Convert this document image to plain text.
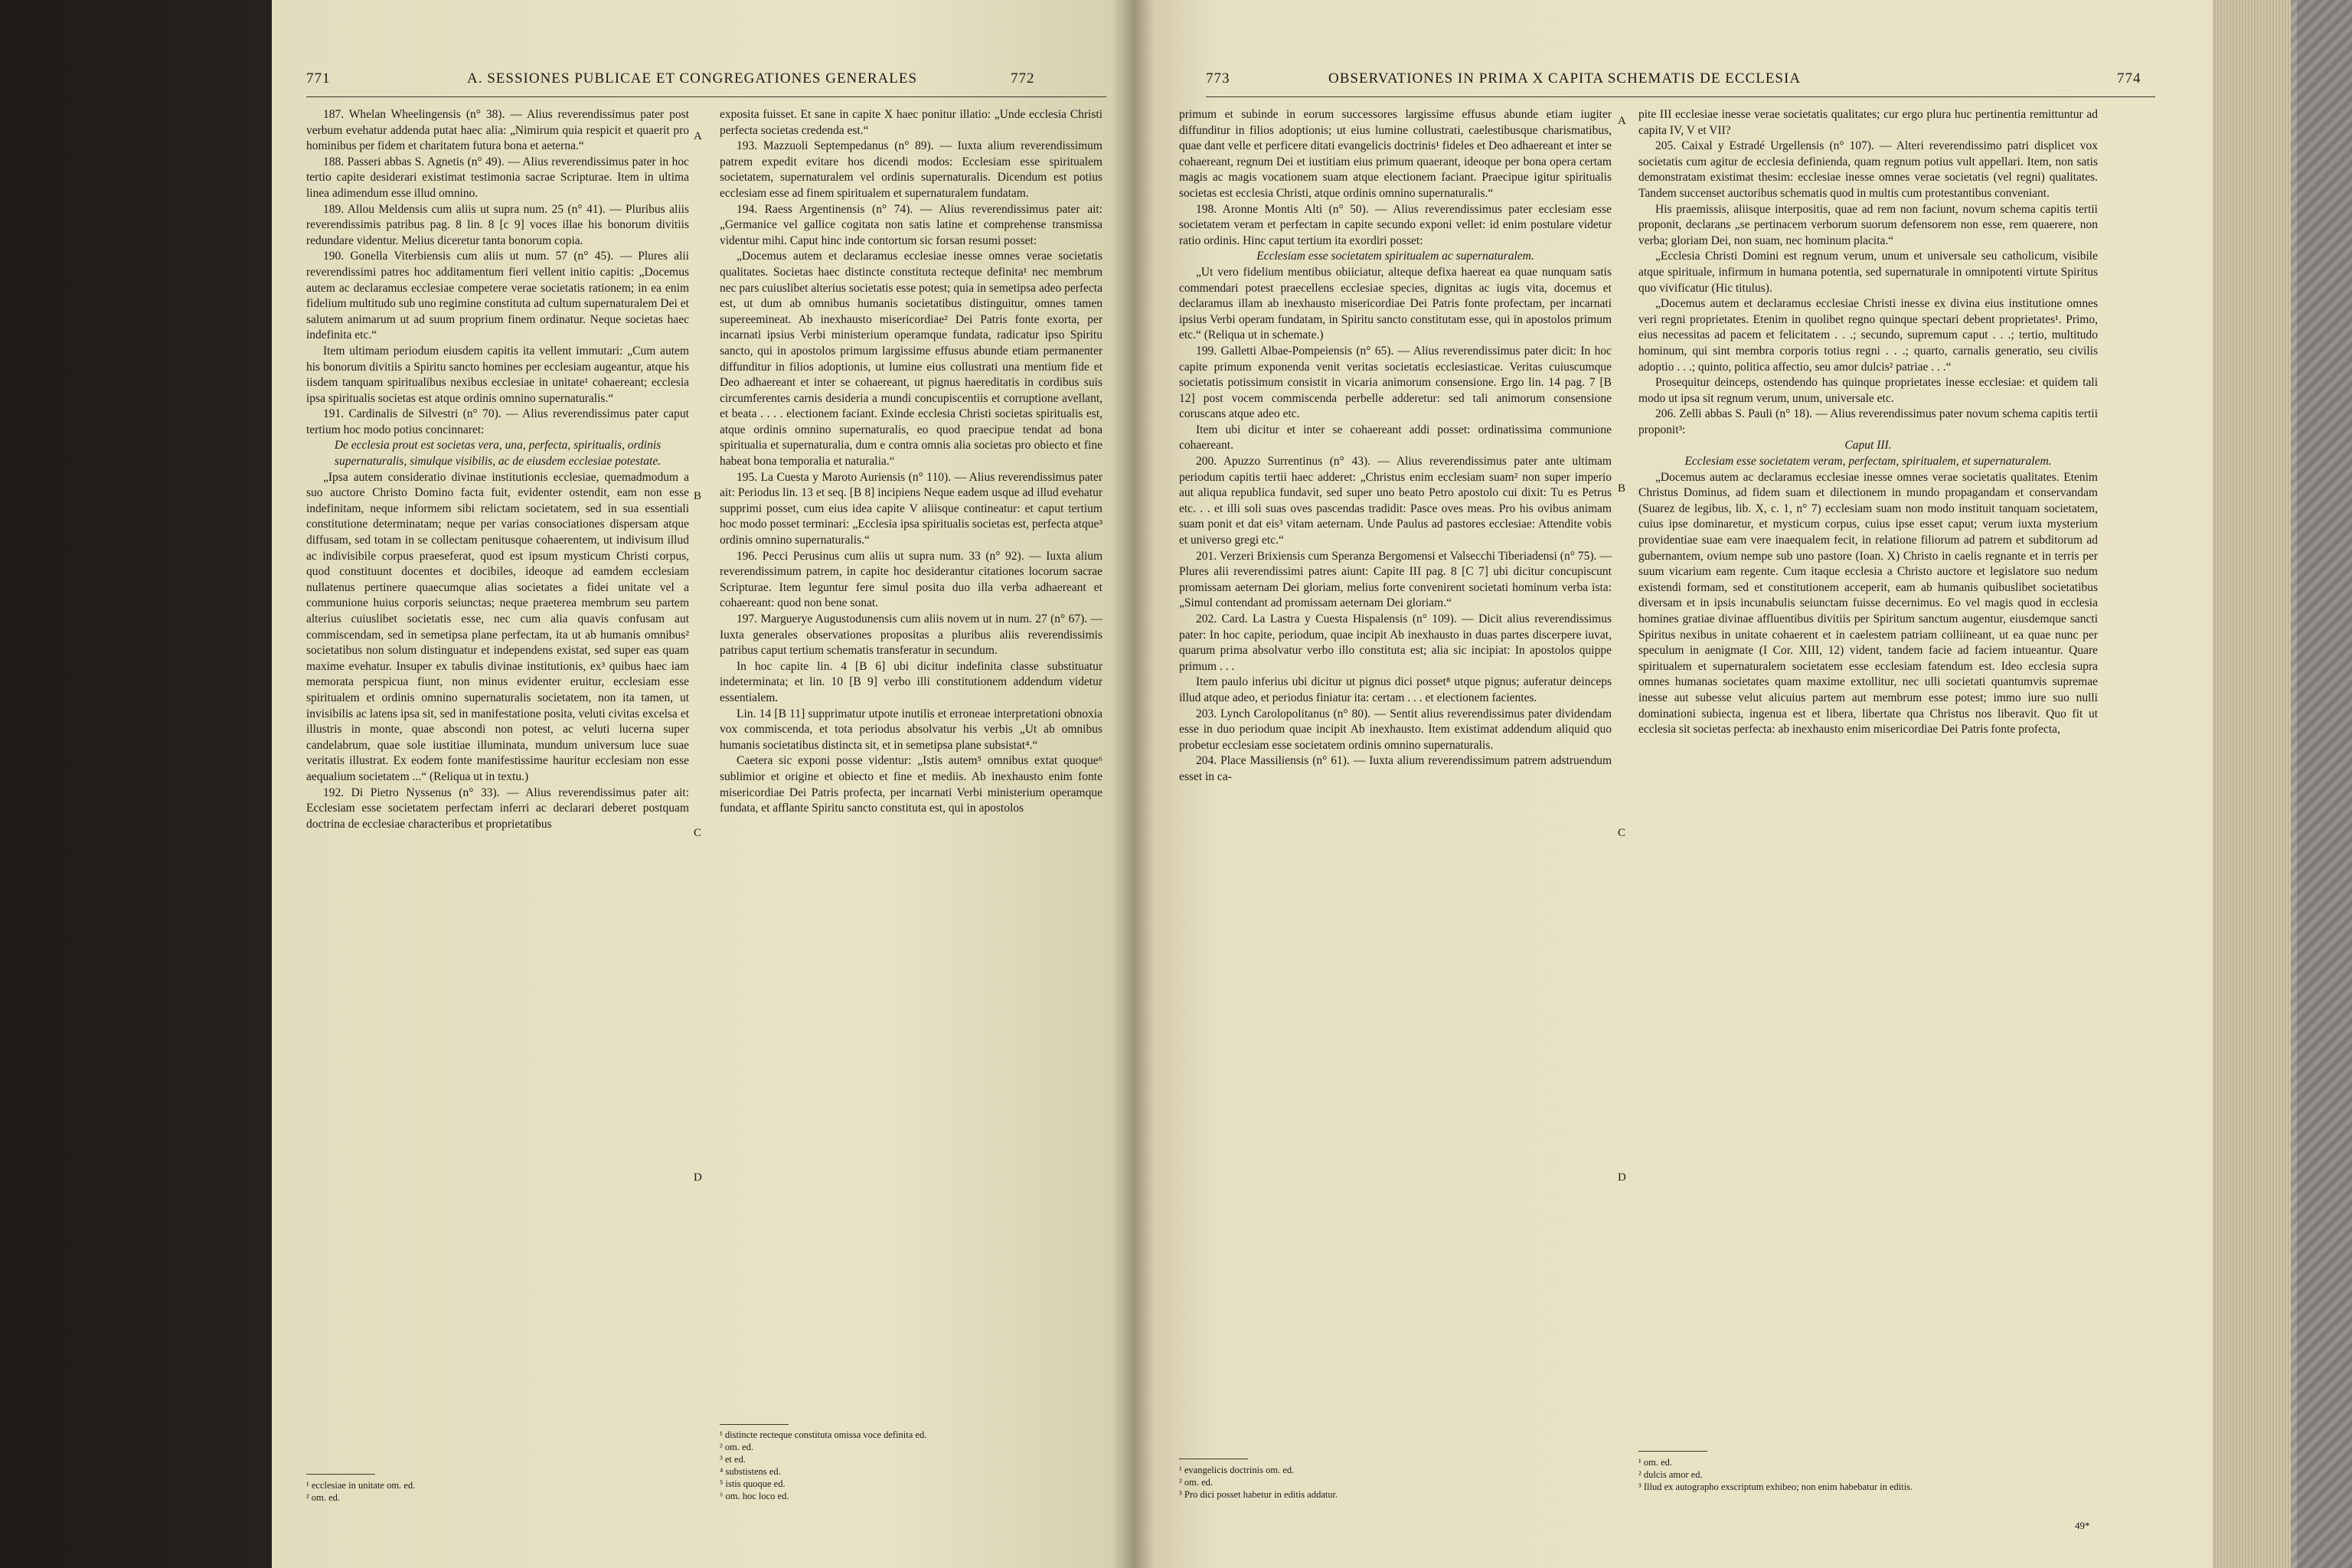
771	A. SESSIONES PUBLICAE ET CONGREGATIONES GENERALES	772

187. Whelan Wheelingensis (n° 38). — Alius reverendissimus pater post verbum evehatur addenda putat haec alia: „Nimirum quia respicit et quaerit pro hominibus per fidem et charitatem futura bona et aeterna.“

188. Passeri abbas S. Agnetis (n° 49). — Alius reverendissimus pater in hoc tertio capite desiderari existimat testimonia sacrae Scripturae. Item in ultima linea adimendum esse illud omnino.

189. Allou Meldensis cum aliis ut supra num. 25 (n° 41). — Pluribus aliis reverendissimis patribus pag. 8 lin. 8 [c 9] voces illae his bonorum divitiis redundare videntur. Melius diceretur tanta bonorum copia.

190. Gonella Viterbiensis cum aliis ut num. 57 (n° 45). — Plures alii reverendissimi patres hoc additamentum fieri vellent initio capitis: „Docemus autem ac declaramus ecclesiae competere verae societatis rationem; in ea enim fidelium multitudo sub uno regimine constituta ad cultum supernaturalem Dei et salutem animarum ut ad suum proprium finem ordinatur. Neque societas haec indefinita etc.“

Item ultimam periodum eiusdem capitis ita vellent immutari: „Cum autem his bonorum divitiis a Spiritu sancto homines per ecclesiam augeantur, atque his iisdem tanquam spiritualibus nexibus ecclesiae in unitate¹ cohaereant; ecclesia ipsa spiritualis societas est atque ordinis omnino supernaturalis.“

191. Cardinalis de Silvestri (n° 70). — Alius reverendissimus pater caput tertium hoc modo potius concinnaret:

De ecclesia prout est societas vera, una, perfecta, spiritualis, ordinis supernaturalis, simulque visibilis, ac de eiusdem ecclesiae potestate.

„Ipsa autem consideratio divinae institutionis ecclesiae, quemadmodum a suo auctore Christo Domino facta fuit, evidenter ostendit, eam non esse indefinitam, neque informem sibi relictam societatem, sed in sua essentiali constitutione determinatam; neque per varias consociationes dispersam atque diffusam, sed totam in se collectam penitusque cohaerentem, ut indivisum illud ac indivisibile corpus praeseferat, quod est ipsum mysticum Christi corpus, quod constituunt docentes et docibiles, ideoque ad eamdem ecclesiam nullatenus pertinere quaecumque alias societates a fidei unitate vel a communione huius corporis seiunctas; neque praeterea membrum seu partem alterius cuiuslibet societatis esse, nec cum alia quavis confusam aut commiscendam, sed in semetipsa plane perfectam, ita ut ab humanis omnibus² societatibus non solum distinguatur et independens existat, sed super eas quam maxime evehatur. Insuper ex tabulis divinae institutionis, ex³ quibus haec iam memorata perspicua fiunt, non minus evidenter eruitur, ecclesiam esse spiritualem et ordinis omnino supernaturalis societatem, non ita tamen, ut invisibilis ac latens ipsa sit, sed in manifestatione posita, veluti civitas excelsa et illustris in monte, quae abscondi non potest, ac veluti lucerna super candelabrum, quae sole iustitiae illuminata, mundum universum luce suae veritatis illustrat. Ex eodem fonte manifestissime hauritur ecclesiam non esse aequalium societatem ...“ (Reliqua ut in textu.)

192. Di Pietro Nyssenus (n° 33). — Alius reverendissimus pater ait: Ecclesiam esse societatem perfectam inferri ac declarari deberet postquam doctrina de ecclesiae characteribus et proprietatibus

exposita fuisset. Et sane in capite X haec ponitur illatio: „Unde ecclesia Christi perfecta societas credenda est.“

193. Mazzuoli Septempedanus (n° 89). — Iuxta alium reverendissimum patrem expedit evitare hos dicendi modos: Ecclesiam esse spiritualem societatem, supernaturalem vel ordinis supernaturalis. Dicendum est potius ecclesiam esse ad finem spiritualem et supernaturalem fundatam.

194. Raess Argentinensis (n° 74). — Alius reverendissimus pater ait: „Germanice vel gallice cogitata non satis latine et comprehense transmissa videntur mihi. Caput hinc inde contortum sic forsan resumi posset:

„Docemus autem et declaramus ecclesiae inesse omnes verae societatis qualitates. Societas haec distincte constituta recteque definita¹ nec membrum nec pars cuiuslibet alterius societatis esse potest; quia in semetipsa adeo perfecta est, ut dum ab omnibus humanis societatibus distinguitur, omnes tamen supereemineat. Ab inexhausto misericordiae² Dei Patris fonte exorta, per incarnati ipsius Verbi ministerium operamque fundata, radicatur ipso Spiritu sancto, qui in apostolos primum largissime effusus abunde etiam permanenter diffunditur in filios adoptionis, ut lumine eius collustrati una mentium fide et Deo adhaereant et inter se cohaereant, ut pignus haereditatis in cordibus suis circumferentes carnis desideria a mundi concupiscentiis et corruptione avellant, et beata . . . . electionem faciant. Exinde ecclesia Christi societas spiritualis est, atque ordinis omnino supernaturalis, eo quod praecipue tendat ad bona spiritualia et supernaturalia, dum e contra omnis alia societas pro obiecto et fine habeat bona temporalia et naturalia.“

195. La Cuesta y Maroto Auriensis (n° 110). — Alius reverendissimus pater ait: Periodus lin. 13 et seq. [B 8] incipiens Neque eadem usque ad illud evehatur supprimi posset, cum eius idea capite V aliisque contineatur: et caput tertium hoc modo posset terminari: „Ecclesia ipsa spiritualis societas est, perfecta atque³ ordinis omnino supernaturalis.“

196. Pecci Perusinus cum aliis ut supra num. 33 (n° 92). — Iuxta alium reverendissimum patrem, in capite hoc desiderantur citationes locorum sacrae Scripturae. Item leguntur fere simul posita duo illa verba adhaereant et cohaereant: quod non bene sonat.

197. Marguerye Augustodunensis cum aliis novem ut in num. 27 (n° 67). — Iuxta generales observationes propositas a pluribus aliis reverendissimis patribus caput tertium schematis transferatur in secundum.

In hoc capite lin. 4 [B 6] ubi dicitur indefinita classe substituatur indeterminata; et lin. 10 [B 9] verbo illi constitutionem addendum videtur essentialem.

Lin. 14 [B 11] supprimatur utpote inutilis et erroneae interpretationi obnoxia vox commiscenda, et tota periodus absolvatur his verbis „Ut ab omnibus humanis societatibus distincta sit, et in semetipsa plane subsistat⁴.“

Caetera sic exponi posse videntur: „Istis autem⁵ omnibus extat quoque⁶ sublimior et origine et obiecto et fine et mediis. Ab inexhausto enim fonte misericordiae Dei Patris profecta, per incarnati Verbi ministerium operamque fundata, et afflante Spiritu sancto constituta est, qui in apostolos

A
B
C
D
¹ ecclesiae in unitate om. ed.
² om. ed.
¹ distincte recteque constituta omissa voce definita ed.
² om. ed.
³ et ed.
⁴ substistens ed.
⁵ istis quoque ed.
⁶ om. hoc loco ed.
773	OBSERVATIONES IN PRIMA X CAPITA SCHEMATIS DE ECCLESIA	774

primum et subinde in eorum successores largissime effusus abunde etiam iugiter diffunditur in filios adoptionis; ut eius lumine collustrati, caelestibusque charismatibus, quae dant velle et perficere ditati evangelicis doctrinis¹ fideles et Deo adhaereant et inter se cohaereant, regnum Dei et iustitiam eius primum quaerant, ideoque per bona opera certam magis ac magis vocationem suam atque electionem faciant. Praecipue igitur spiritualis societas est ecclesia Christi, atque ordinis omnino supernaturalis.“

198. Aronne Montis Alti (n° 50). — Alius reverendissimus pater ecclesiam esse societatem veram et perfectam in capite secundo exponi vellet: id enim postulare videtur ratio ordinis. Hinc caput tertium ita exordiri posset:

Ecclesiam esse societatem spiritualem ac supernaturalem.

„Ut vero fidelium mentibus obiiciatur, alteque defixa haereat ea quae nunquam satis commendari potest praecellens ecclesiae species, dignitas ac iugis vita, docemus et declaramus illam ab inexhausto misericordiae Dei Patris fonte profectam, per incarnati ipsius Verbi operam fundatam, in Spiritu sancto constitutam esse, qui in apostolos primum etc.“ (Reliqua ut in schemate.)

199. Galletti Albae-Pompeiensis (n° 65). — Alius reverendissimus pater dicit: In hoc capite primum exponenda venit veritas societatis ecclesiasticae. Veritas cuiuscumque societatis potissimum consistit in vicaria animorum consensione. Ergo lin. 14 pag. 7 [B 12] post vocem commiscenda perbelle adderetur: sed tali animorum consensione coruscans atque adeo etc.

Item ubi dicitur et inter se cohaereant addi posset: ordinatissima communione cohaereant.

200. Apuzzo Surrentinus (n° 43). — Alius reverendissimus pater ante ultimam periodum capitis tertii haec adderet: „Christus enim ecclesiam suam² non super imperio aut aliqua republica fundavit, sed super uno beato Petro apostolo cui dixit: Tu es Petrus etc. . . et illi soli suas oves pascendas tradidit: Pasce oves meas. Pro his ovibus animam suam ponit et dat eis³ vitam aeternam. Unde Paulus ad pastores ecclesiae: Attendite vobis et universo gregi etc.“

201. Verzeri Brixiensis cum Speranza Bergomensi et Valsecchi Tiberiadensi (n° 75). — Plures alii reverendissimi patres aiunt: Capite III pag. 8 [C 7] ubi dicitur concupiscunt promissam aeternam Dei gloriam, melius forte convenirent societati hominum verba ista: „Simul contendant ad promissam aeternam Dei gloriam.“

202. Card. La Lastra y Cuesta Hispalensis (n° 109). — Dicit alius reverendissimus pater: In hoc capite, periodum, quae incipit Ab inexhausto in duas partes discerpere iuvat, quarum prima absolvatur verbo illo constituta est; alia sic incipiat: In apostolos quippe primum . . .

Item paulo inferius ubi dicitur ut pignus dici posset⁸ utque pignus; auferatur deinceps illud atque adeo, et periodus finiatur ita: certam . . . et electionem facientes.

203. Lynch Carolopolitanus (n° 80). — Sentit alius reverendissimus pater dividendam esse in duo periodum quae incipit Ab inexhausto. Item existimat addendum aliquid quo probetur ecclesiam esse societatem ordinis omnino supernaturalis.

204. Place Massiliensis (n° 61). — Iuxta alium reverendissimum patrem adstruendum esset in ca-

pite III ecclesiae inesse verae societatis qualitates; cur ergo plura huc pertinentia remittuntur ad capita IV, V et VII?

205. Caixal y Estradé Urgellensis (n° 107). — Alteri reverendissimo patri displicet vox societatis cum agitur de ecclesia definienda, quam regnum potius vult appellari. Item, non satis demonstratam existimat thesim: ecclesiae inesse omnes verae societatis (vel regni) qualitates. Tandem succenset auctoribus schematis quod in multis cum protestantibus conveniant.

His praemissis, aliisque interpositis, quae ad rem non faciunt, novum schema capitis tertii proponit, declarans „se pertinacem verborum suorum defensorem non esse, rem quaerere, non verba; gloriam Dei, non suam, nec hominum placita.“

„Ecclesia Christi Domini est regnum verum, unum et universale seu catholicum, visibile atque spirituale, infirmum in humana potentia, sed supernaturale in omnipotenti virtute Spiritus quo vivificatur (Hic titulus).

„Docemus autem et declaramus ecclesiae Christi inesse ex divina eius institutione omnes veri regni proprietates. Etenim in quolibet regno quinque spectari debent proprietates¹. Primo, eius necessitas ad pacem et felicitatem . . .; secundo, supremum caput . . .; tertio, multitudo hominum, qui sint membra corporis totius regni . . .; quarto, carnalis generatio, seu civilis adoptio . . .; quinto, politica affectio, seu amor dulcis² patriae . . .“

Prosequitur deinceps, ostendendo has quinque proprietates inesse ecclesiae: et quidem tali modo ut ipsa sit regnum verum, unum, universale etc.

206. Zelli abbas S. Pauli (n° 18). — Alius reverendissimus pater novum schema capitis tertii proponit³:

Caput III.

Ecclesiam esse societatem veram, perfectam, spiritualem, et supernaturalem.

„Docemus autem ac declaramus ecclesiae inesse omnes verae societatis qualitates. Etenim Christus Dominus, ad fidem suam et dilectionem in mundo propagandam et conservandam (Suarez de legibus, lib. X, c. 1, n° 7) ecclesiam suam non modo instituit tanquam societatem, cuius ipse dominaretur, et mysticum corpus, cuius ipse esset caput; verum iuxta mysterium providentiae suae eam vere inaequalem fecit, in relatione filiorum ad patrem et subditorum ad gubernantem, ovium nempe sub uno pastore (Ioan. X) Christo in caelis regnante et in terris per suum vicarium eam regente. Cum itaque ecclesia a Christo auctore et legislatore suo nedum existendi formam, sed et constitutionem acceperit, eam ab humanis quibuslibet societatibus diversam et in ipsis incunabulis seiunctam fuisse decernimus. Eo vel magis quod in ecclesia homines gratiae divinae affluentibus divitiis per Spiritum sanctum augentur, eiusdemque sancti Spiritus nexibus in unitate cohaerent et in caelestem patriam colliineant, ut ea quae nunc per speculum in aenigmate (I Cor. XIII, 12) vident, tandem facie ad faciem intueantur. Quare spiritualem et supernaturalem societatem esse ecclesiam fatendum est. Ideo ecclesia supra omnes humanas societates quam maxime extollitur, nec ulli societati quantumvis supremae inesse aut subesse velut alicuius partem aut membrum esse potest; immo iure suo nulli dominationi subiecta, ingenua est et libera, libertate qua Christus nos liberavit. Quo fit ut ecclesia sit societas perfecta: ab inexhausto enim misericordiae Dei Patris fonte profecta,

A
B
C
D
¹ evangelicis doctrinis om. ed.
² om. ed.
³ Pro dici posset habetur in editis addatur.
¹ om. ed.
² dulcis amor ed.
³ Illud ex autographo exscriptum exhibeo; non enim habebatur in editis.
49*
